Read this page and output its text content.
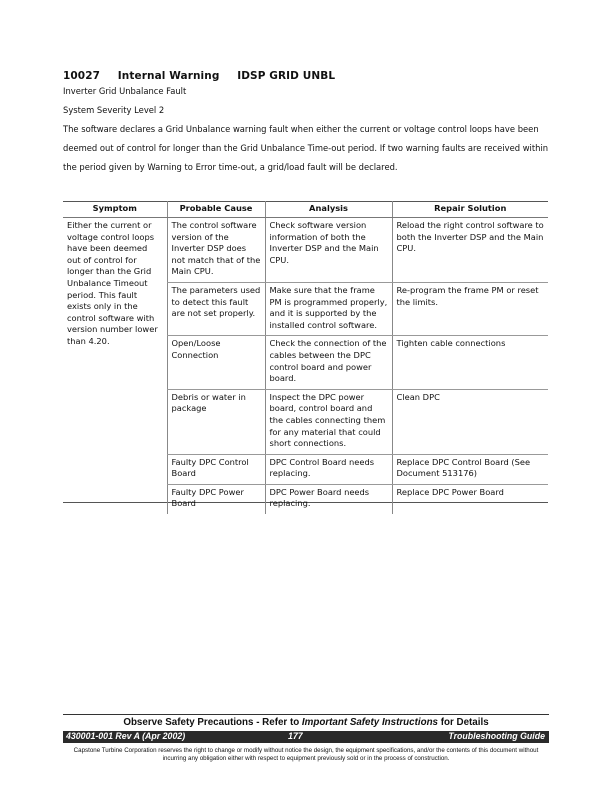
10027 Internal Warning IDSP GRID UNBL
Inverter Grid Unbalance Fault
System Severity Level 2
The software declares a Grid Unbalance warning fault when either the current or voltage control loops have been deemed out of control for longer than the Grid Unbalance Time-out period. If two warning faults are received within the period given by Warning to Error time-out, a grid/load fault will be declared.
Symptom	Probable Cause	Analysis	Repair Solution
Either the current or voltage control loops have been deemed out of control for longer than the Grid Unbalance Timeout period. This fault exists only in the control software with version number lower than 4.20.	The control software version of the Inverter DSP does not match that of the Main CPU.	Check software version information of both the Inverter DSP and the Main CPU.	Reload the right control software to both the Inverter DSP and the Main CPU.
	The parameters used to detect this fault are not set properly.	Make sure that the frame PM is programmed properly, and it is supported by the installed control software.	Re-program the frame PM or reset the limits.
	Open/Loose Connection	Check the connection of the cables between the DPC control board and power board.	Tighten cable connections
	Debris or water in package	Inspect the DPC power board, control board and the cables connecting them for any material that could short connections.	Clean DPC
	Faulty DPC Control Board	DPC Control Board needs replacing.	Replace DPC Control Board (See Document 513176)
	Faulty DPC Power Board	DPC Power Board needs replacing.	Replace DPC Power Board
Observe Safety Precautions - Refer to Important Safety Instructions for Details
430001-001 Rev A (Apr 2002)	177	Troubleshooting Guide
Capstone Turbine Corporation reserves the right to change or modify without notice the design, the equipment specifications, and/or the contents of this document without incurring any obligation either with respect to equipment previously sold or in the process of construction.
